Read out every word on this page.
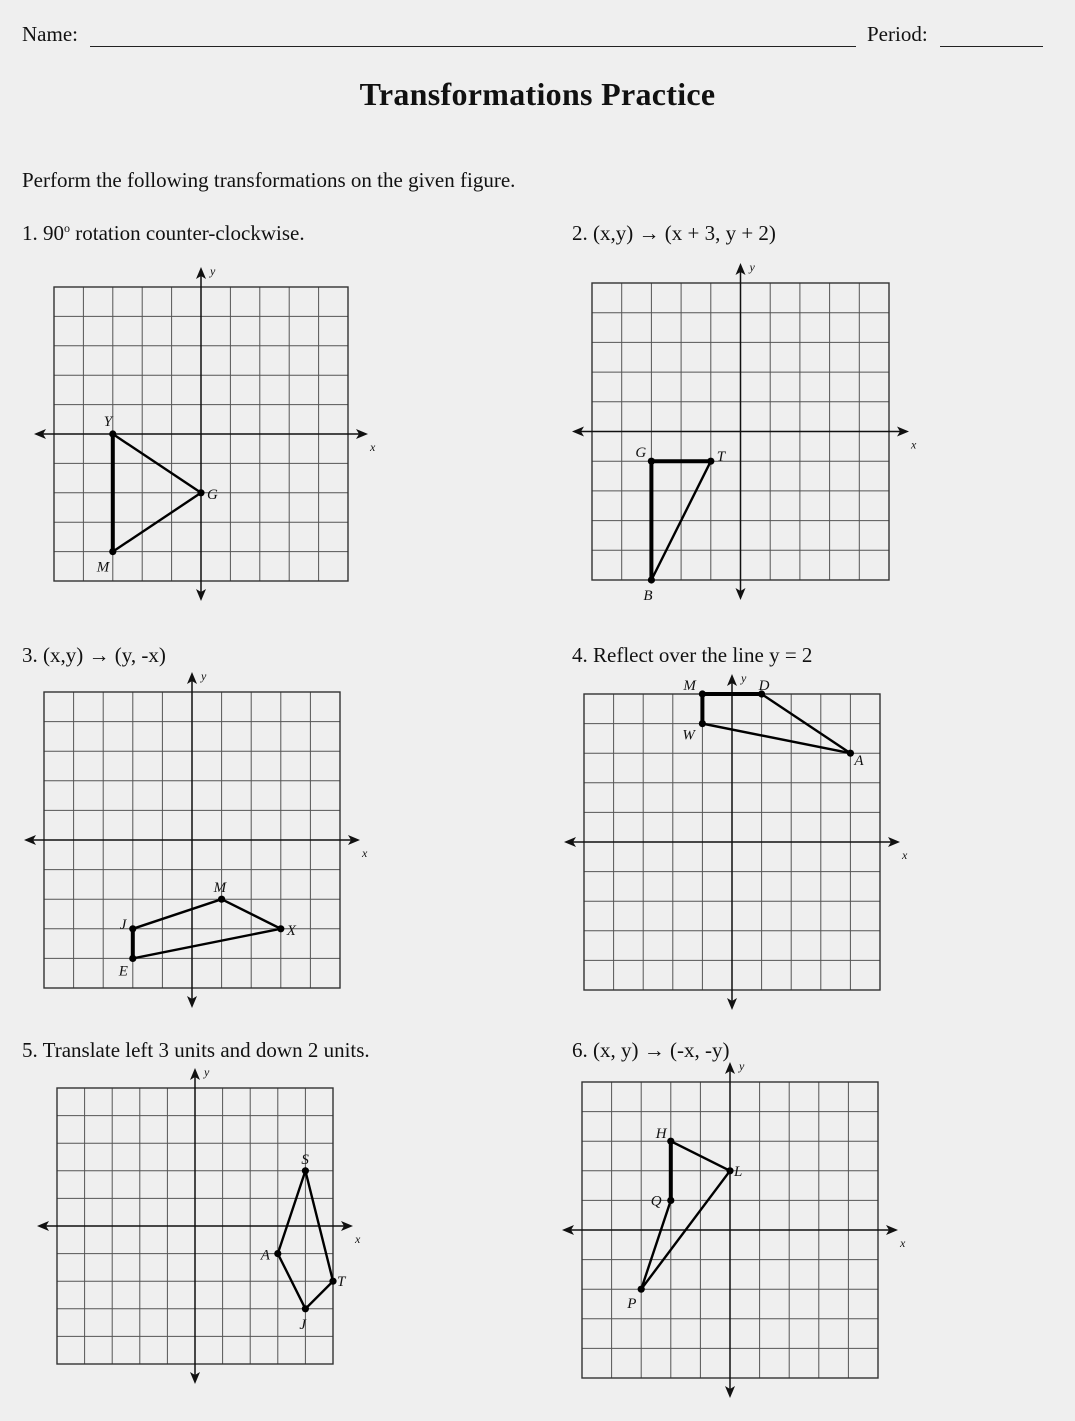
Name:	Period:
Transformations Practice
Perform the following transformations on the given figure.
1. 90$^o$ rotation counter-clockwise.	2. (x,y) → (x + 3, y + 2)
3. (x,y) → (y, -x)	4. Reflect over the line y = 2
5. Translate left 3 units and down 2 units.	6. (x, y) → (-x, -y)
x
y
Y
G
M
x
y
G	T
B
x
y
M
X
E
J
x
y
M	D
A
W
x
y
S
T
J
A
x
y
H
L
P
Q
